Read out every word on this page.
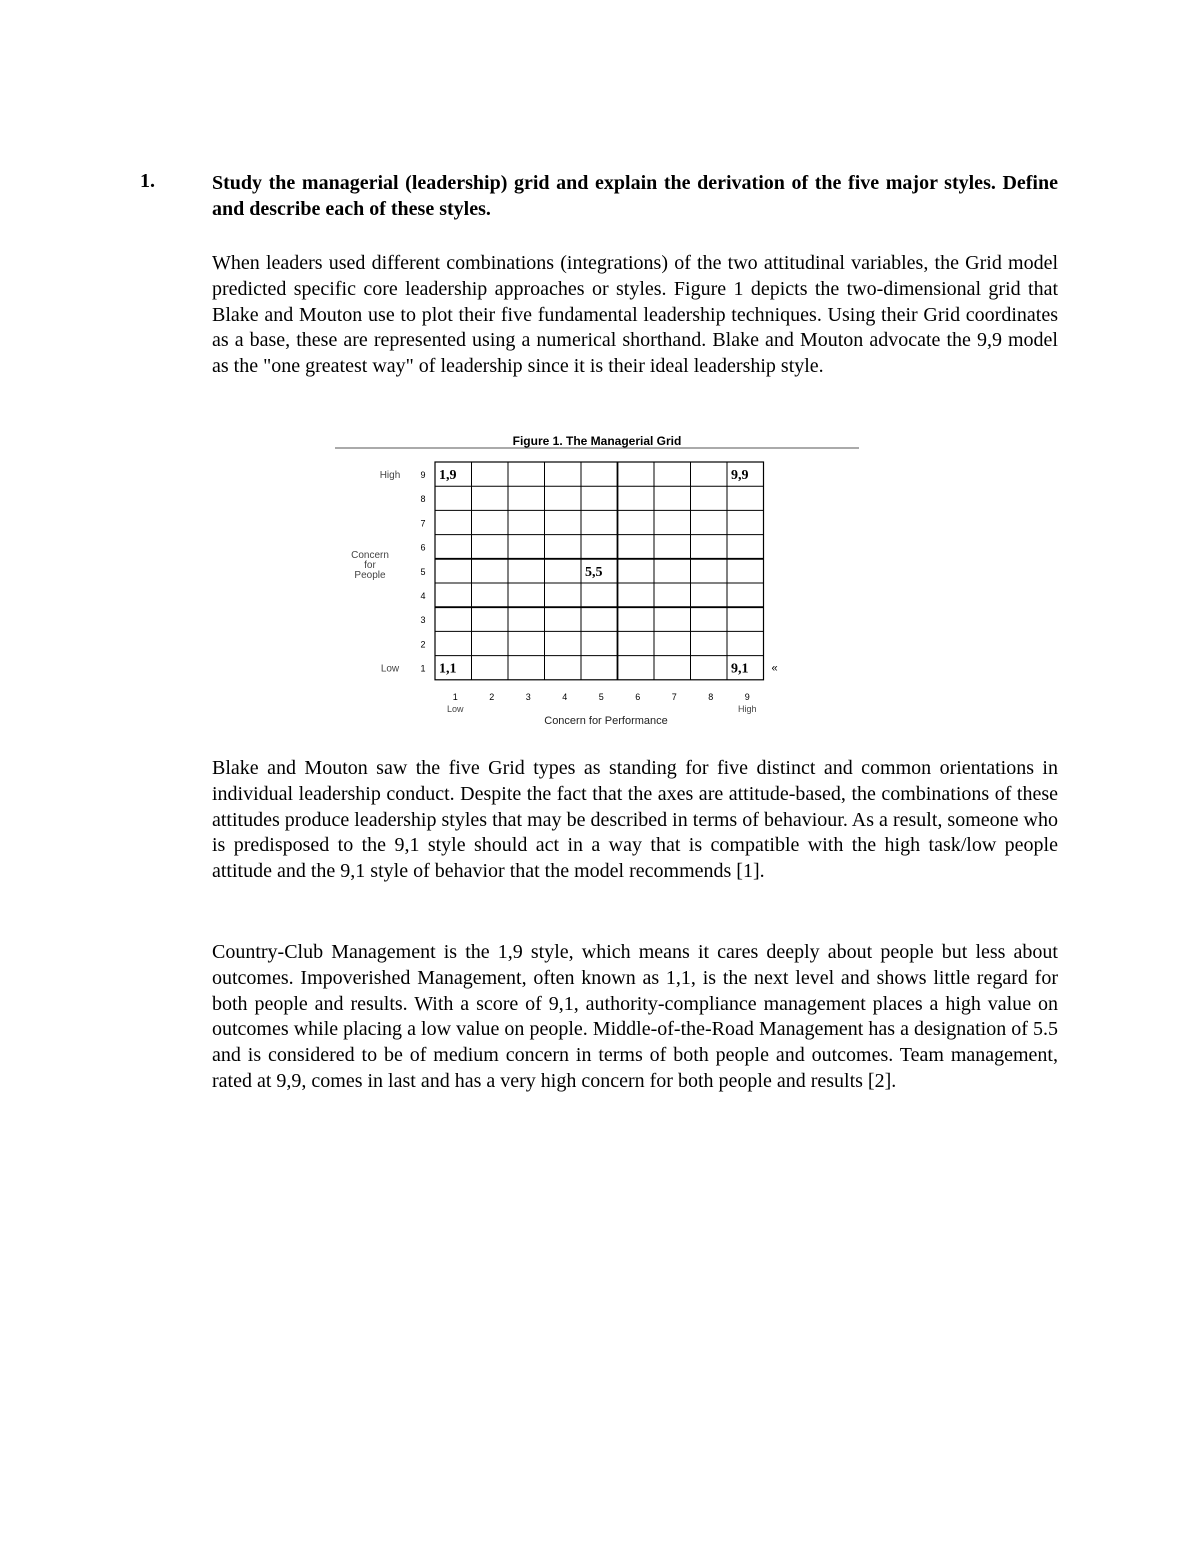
1.	Study the managerial (leadership) grid and explain the derivation of the five major styles. Define and describe each of these styles.
When leaders used different combinations (integrations) of the two attitudinal variables, the Grid model predicted specific core leadership approaches or styles. Figure 1 depicts the two-dimensional grid that Blake and Mouton use to plot their five fundamental leadership techniques. Using their Grid coordinates as a base, these are represented using a numerical shorthand. Blake and Mouton advocate the 9,9 model as the "one greatest way" of leadership since it is their ideal leadership style.
Figure 1. The Managerial Grid
1
2
3
4
5
6
7
8
9
High
Low
Concern
for
People
1	2	3	4	5	6	7	8	9
Low	High
Concern for Performance
1,9	9,9
5,5
1,1	9,1 «
Blake and Mouton saw the five Grid types as standing for five distinct and common orientations in individual leadership conduct. Despite the fact that the axes are attitude-based, the combinations of these attitudes produce leadership styles that may be described in terms of behaviour. As a result, someone who is predisposed to the 9,1 style should act in a way that is compatible with the high task/low people attitude and the 9,1 style of behavior that the model recommends [1].
Country-Club Management is the 1,9 style, which means it cares deeply about people but less about outcomes. Impoverished Management, often known as 1,1, is the next level and shows little regard for both people and results. With a score of 9,1, authority-compliance management places a high value on outcomes while placing a low value on people. Middle-of-the-Road Management has a designation of 5.5 and is considered to be of medium concern in terms of both people and outcomes. Team management, rated at 9,9, comes in last and has a very high concern for both people and results [2].
